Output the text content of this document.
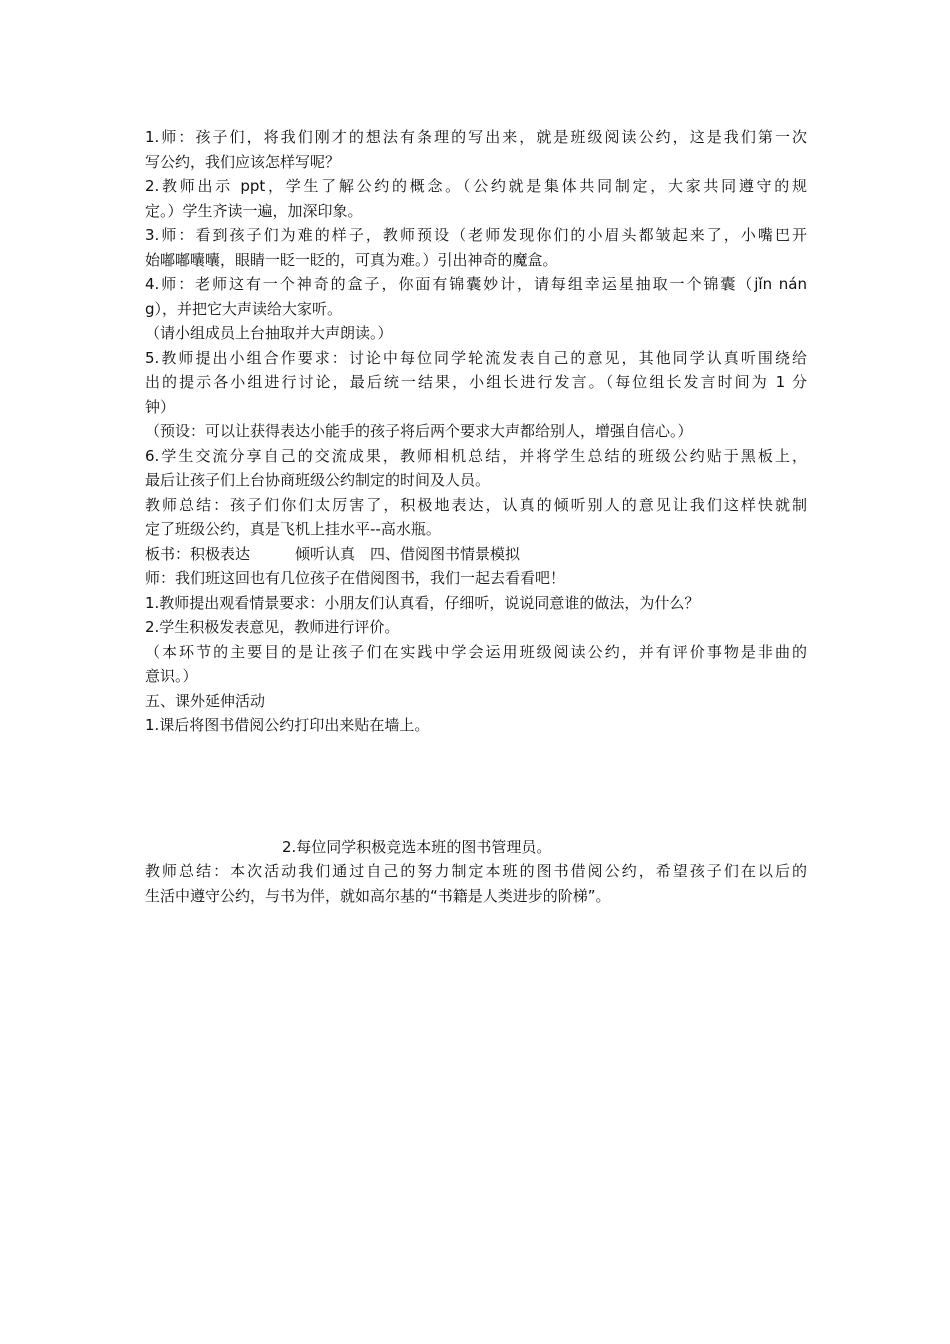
1.师：孩子们，将我们刚才的想法有条理的写出来，就是班级阅读公约，这是我们第一次
写公约，我们应该怎样写呢？
2.教师出示 ppt，学生了解公约的概念。（公约就是集体共同制定，大家共同遵守的规
定。）学生齐读一遍，加深印象。
3.师：看到孩子们为难的样子，教师预设（老师发现你们的小眉头都皱起来了，小嘴巴开
始嘟嘟囔囔，眼睛一眨一眨的，可真为难。）引出神奇的魔盒。
4.师：老师这有一个神奇的盒子，你面有锦囊妙计，请每组幸运星抽取一个锦囊（jǐn nán
g），并把它大声读给大家听。
（请小组成员上台抽取并大声朗读。）
5.教师提出小组合作要求：讨论中每位同学轮流发表自己的意见，其他同学认真听围绕给
出的提示各小组进行讨论，最后统一结果，小组长进行发言。（每位组长发言时间为 1 分
钟）
（预设：可以让获得表达小能手的孩子将后两个要求大声都给别人，增强自信心。）
6.学生交流分享自己的交流成果，教师相机总结，并将学生总结的班级公约贴于黑板上，
最后让孩子们上台协商班级公约制定的时间及人员。
教师总结：孩子们你们太厉害了，积极地表达，认真的倾听别人的意见让我们这样快就制
定了班级公约，真是飞机上挂水平--高水瓶。
板书：积极表达　　　倾听认真　四、借阅图书情景模拟
师：我们班这回也有几位孩子在借阅图书，我们一起去看看吧！
1.教师提出观看情景要求：小朋友们认真看，仔细听，说说同意谁的做法，为什么？
2.学生积极发表意见，教师进行评价。
（本环节的主要目的是让孩子们在实践中学会运用班级阅读公约，并有评价事物是非曲的
意识。）
五、课外延伸活动
1.课后将图书借阅公约打印出来贴在墙上。
2.每位同学积极竞选本班的图书管理员。
教师总结：本次活动我们通过自己的努力制定本班的图书借阅公约，希望孩子们在以后的
生活中遵守公约，与书为伴，就如高尔基的“书籍是人类进步的阶梯”。
